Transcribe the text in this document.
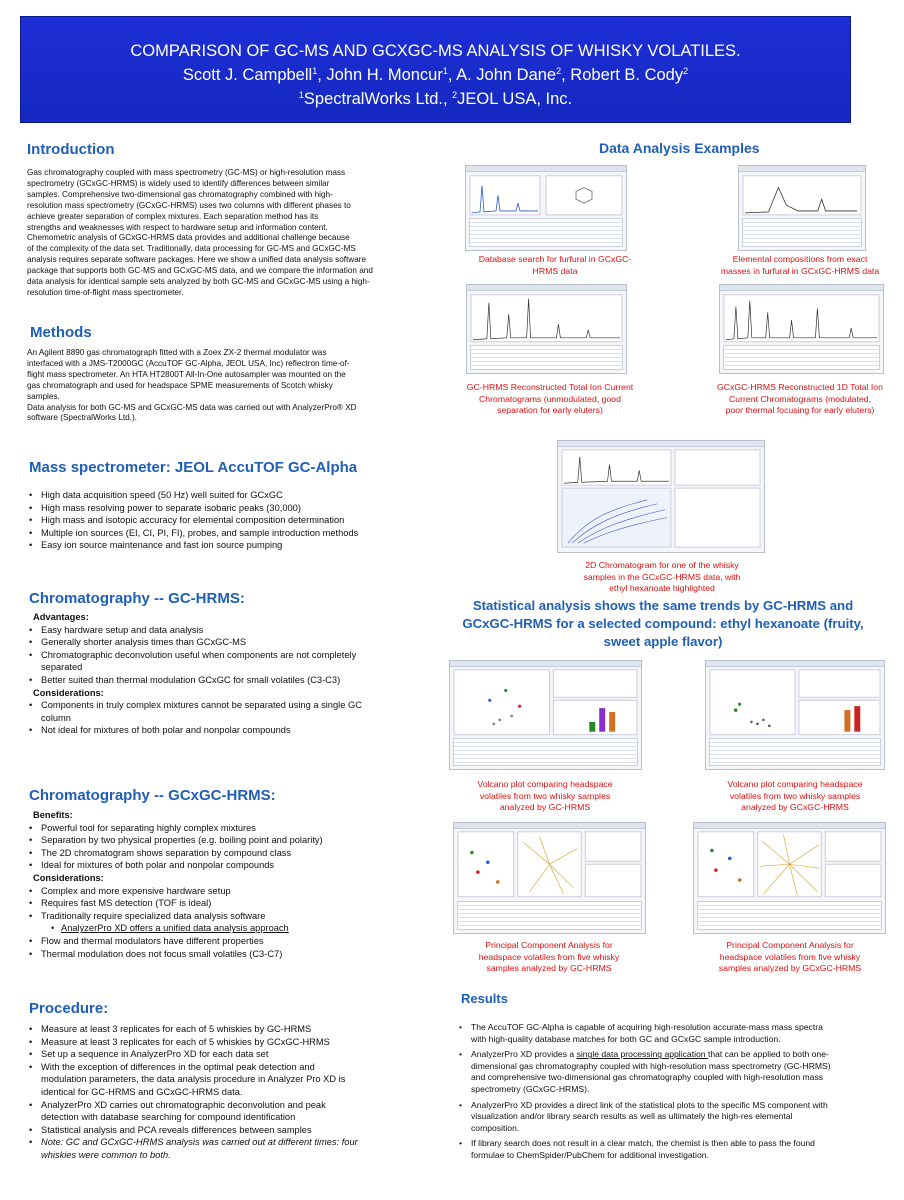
COMPARISON OF GC-MS AND GCXGC-MS ANALYSIS OF WHISKY VOLATILES.
Scott J. Campbell$^1$, John H. Moncur$^1$, A. John Dane$^2$, Robert B. Cody$^2$
$^1$SpectralWorks Ltd., $^2$JEOL USA, Inc.
Introduction
Gas chromatography coupled with mass spectrometry (GC-MS) or high-resolution mass
spectrometry (GCxGC-HRMS) is widely used to identify differences between similar
samples. Comprehensive two-dimensional gas chromatography combined with high-
resolution mass spectrometry (GCxGC-HRMS) uses two columns with different phases to
achieve greater separation of complex mixtures. Each separation method has its
strengths and weaknesses with respect to hardware setup and information content.
Chemometric analysis of GCxGC-HRMS data provides and additional challenge because
of the complexity of the data set. Traditionally, data processing for GC-MS and GCxGC-MS
analysis requires separate software packages. Here we show a unified data analysis software
package that supports both GC-MS and GCxGC-MS data, and we compare the information and
data analysis for identical sample sets analyzed by both GC-MS and GCxGC-MS using a high-
resolution time-of-flight mass spectrometer.
Methods
An Agilent 8890 gas chromatograph fitted with a Zoex ZX-2 thermal modulator was
interfaced with a JMS-T2000GC (AccuTOF GC-Alpha, JEOL USA, Inc) reflectron time-of-
flight mass spectrometer. An HTA HT2800T All-In-One autosampler was mounted on the
gas chromatograph and used for headspace SPME measurements of Scotch whisky
samples.
Data analysis for both GC-MS and GCxGC-MS data was carried out with AnalyzerPro® XD
software (SpectralWorks Ltd.).
Mass spectrometer: JEOL AccuTOF GC-Alpha
• High data acquisition speed (50 Hz) well suited for GCxGC
• High mass resolving power to separate isobaric peaks (30,000)
• High mass and isotopic accuracy for elemental composition determination
• Multiple ion sources (EI, CI, PI, FI), probes, and sample introduction methods
• Easy ion source maintenance and fast ion source pumping
Chromatography -- GC-HRMS:
Advantages:
• Easy hardware setup and data analysis
• Generally shorter analysis times than GCxGC-MS
• Chromatographic deconvolution useful when components are not completely
separated
• Better suited than thermal modulation GCxGC for small volatiles (C3-C3)
Considerations:
• Components in truly complex mixtures cannot be separated using a single GC
column
• Not ideal for mixtures of both polar and nonpolar compounds
Chromatography -- GCxGC-HRMS:
Benefits:
• Powerful tool for separating highly complex mixtures
• Separation by two physical properties (e.g. boiling point and polarity)
• The 2D chromatogram shows separation by compound class
• Ideal for mixtures of both polar and nonpolar compounds
Considerations:
• Complex and more expensive hardware setup
• Requires fast MS detection (TOF is ideal)
• Traditionally require specialized data analysis software
• AnalyzerPro XD offers a unified data analysis approach
• Flow and thermal modulators have different properties
• Thermal modulation does not focus small volatiles (C3-C7)
Procedure:
• Measure at least 3 replicates for each of 5 whiskies by GC-HRMS
• Measure at least 3 replicates for each of 5 whiskies by GCxGC-HRMS
• Set up a sequence in AnalyzerPro XD for each data set
• With the exception of differences in the optimal peak detection and
modulation parameters, the data analysis procedure in Analyzer Pro XD is
identical for GC-HRMS and GCxGC-HRMS data.
• AnalyzerPro XD carries out chromatographic deconvolution and peak
detection with database searching for compound identification
• Statistical analysis and PCA reveals differences between samples
• Note: GC and GCxGC-HRMS analysis was carried out at different times: four
whiskies were common to both.
Data Analysis Examples
Database search for furfural in GCxGC-
HRMS data
Elemental compositions from exact
masses in furfural in GCxGC-HRMS data
GC-HRMS Reconstructed Total Ion Current
Chromatograms (unmodulated, good
separation for early eluters)
GCxGC-HRMS Reconstructed 1D Total Ion
Current Chromatograms (modulated,
poor thermal focusing for early eluters)
2D Chromatogram for one of the whisky
samples in the GCxGC-HRMS data, with
ethyl hexanoate highlighted
Statistical analysis shows the same trends by GC-HRMS and
GCxGC-HRMS for a selected compound: ethyl hexanoate (fruity,
sweet apple flavor)
Volcano plot comparing headspace
volatiles from two whisky samples
analyzed by GC-HRMS
Volcano plot comparing headspace
volatiles from two whisky samples
analyzed by GCxGC-HRMS
Principal Component Analysis for
headspace volatiles from five whisky
samples analyzed by GC-HRMS
Principal Component Analysis for
headspace volatiles from five whisky
samples analyzed by GCxGC-HRMS
Results
• The AccuTOF GC-Alpha is capable of acquiring high-resolution accurate-mass mass spectra
with high-quality database matches for both GC and GCxGC sample introduction.
• AnalyzerPro XD provides a single data processing application that can be applied to both one-
dimensional gas chromatography coupled with high-resolution mass spectrometry (GC-HRMS)
and comprehensive two-dimensional gas chromatography coupled with high-resolution mass
spectrometry (GCxGC-HRMS).
• AnalyzerPro XD provides a direct link of the statistical plots to the specific MS component with
visualization and/or library search results as well as ultimately the high-res elemental
composition.
• If library search does not result in a clear match, the chemist is then able to pass the found
formulae to ChemSpider/PubChem for additional investigation.
